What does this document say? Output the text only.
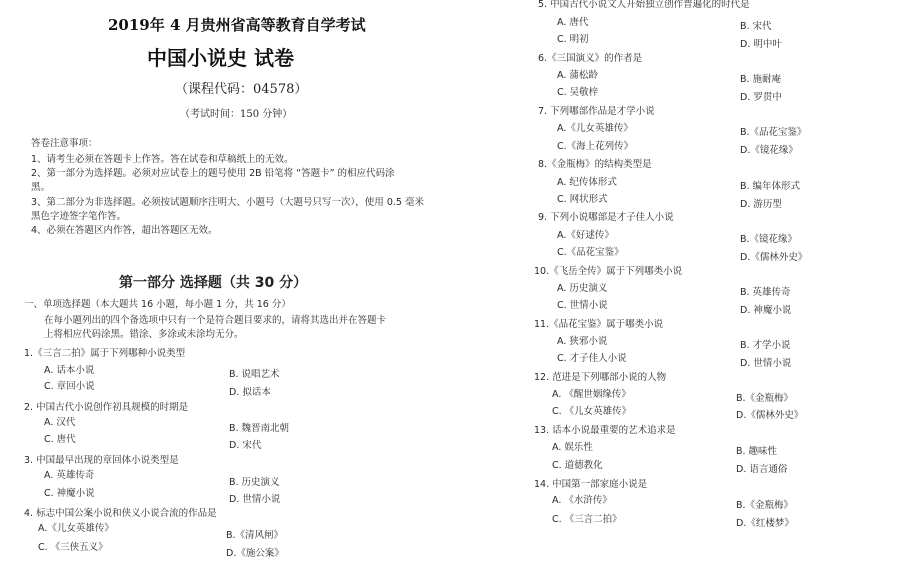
2019年 4 月贵州省高等教育自学考试
中国小说史 试卷
（课程代码：04578）
（考试时间：150 分钟）
答卷注意事项：
1、请考生必须在答题卡上作答。答在试卷和草稿纸上的无效。
2、第一部分为选择题。必须对应试卷上的题号使用 2B 铅笔将 “答题卡” 的相应代码涂
黑。
3、第二部分为非选择题。必须按试题顺序注明大、小题号（大题号只写一次），使用 0.5 毫米
黑色字迹签字笔作答。
4、必须在答题区内作答，超出答题区无效。
第一部分 选择题（共 30 分）
一、单项选择题（本大题共 16 小题，每小题 1 分，共 16 分）
在每小题列出的四个备选项中只有一个是符合题目要求的，请将其选出并在答题卡
上将相应代码涂黑。错涂、多涂或未涂均无分。
1.《三言二拍》属于下列哪种小说类型
A. 话本小说	B. 说唱艺术
C. 章回小说
D. 拟话本
2. 中国古代小说创作初具规模的时期是
A. 汉代
B. 魏晋南北朝
C. 唐代
D. 宋代
3. 中国最早出现的章回体小说类型是
A. 英雄传奇
B. 历史演义
C. 神魔小说
D. 世情小说
4. 标志中国公案小说和侠义小说合流的作品是
A.《儿女英雄传》
B.《清风闸》
C. 《三侠五义》
D.《施公案》
5. 中国古代小说文人开始独立创作普遍化的时代是
A. 唐代	B. 宋代
C. 明初	D. 明中叶
6.《三国演义》的作者是
A. 蒲松龄	B. 施耐庵
C. 吴敬梓	D. 罗贯中
7. 下列哪部作品是才学小说
A.《儿女英雄传》	B.《品花宝鉴》
C.《海上花列传》	D.《镜花缘》
8.《金瓶梅》的结构类型是
A. 纪传体形式	B. 编年体形式
C. 网状形式	D. 游历型
9. 下列小说哪部是才子佳人小说
A.《好逑传》	B.《镜花缘》
C.《品花宝鉴》	D.《儒林外史》
10.《飞岳全传》属于下列哪类小说
A. 历史演义	B. 英雄传奇
C. 世情小说	D. 神魔小说
11.《品花宝鉴》属于哪类小说
A. 狭邪小说	B. 才学小说
C. 才子佳人小说	D. 世情小说
12. 范进是下列哪部小说的人物
A. 《醒世姻缘传》	B.《金瓶梅》
C. 《儿女英雄传》	D.《儒林外史》
13. 话本小说最重要的艺术追求是
A. 娱乐性	B. 趣味性
C. 道德教化	D. 语言通俗
14. 中国第一部家庭小说是
A. 《水浒传》	B.《金瓶梅》
C. 《三言二拍》	D.《红楼梦》
